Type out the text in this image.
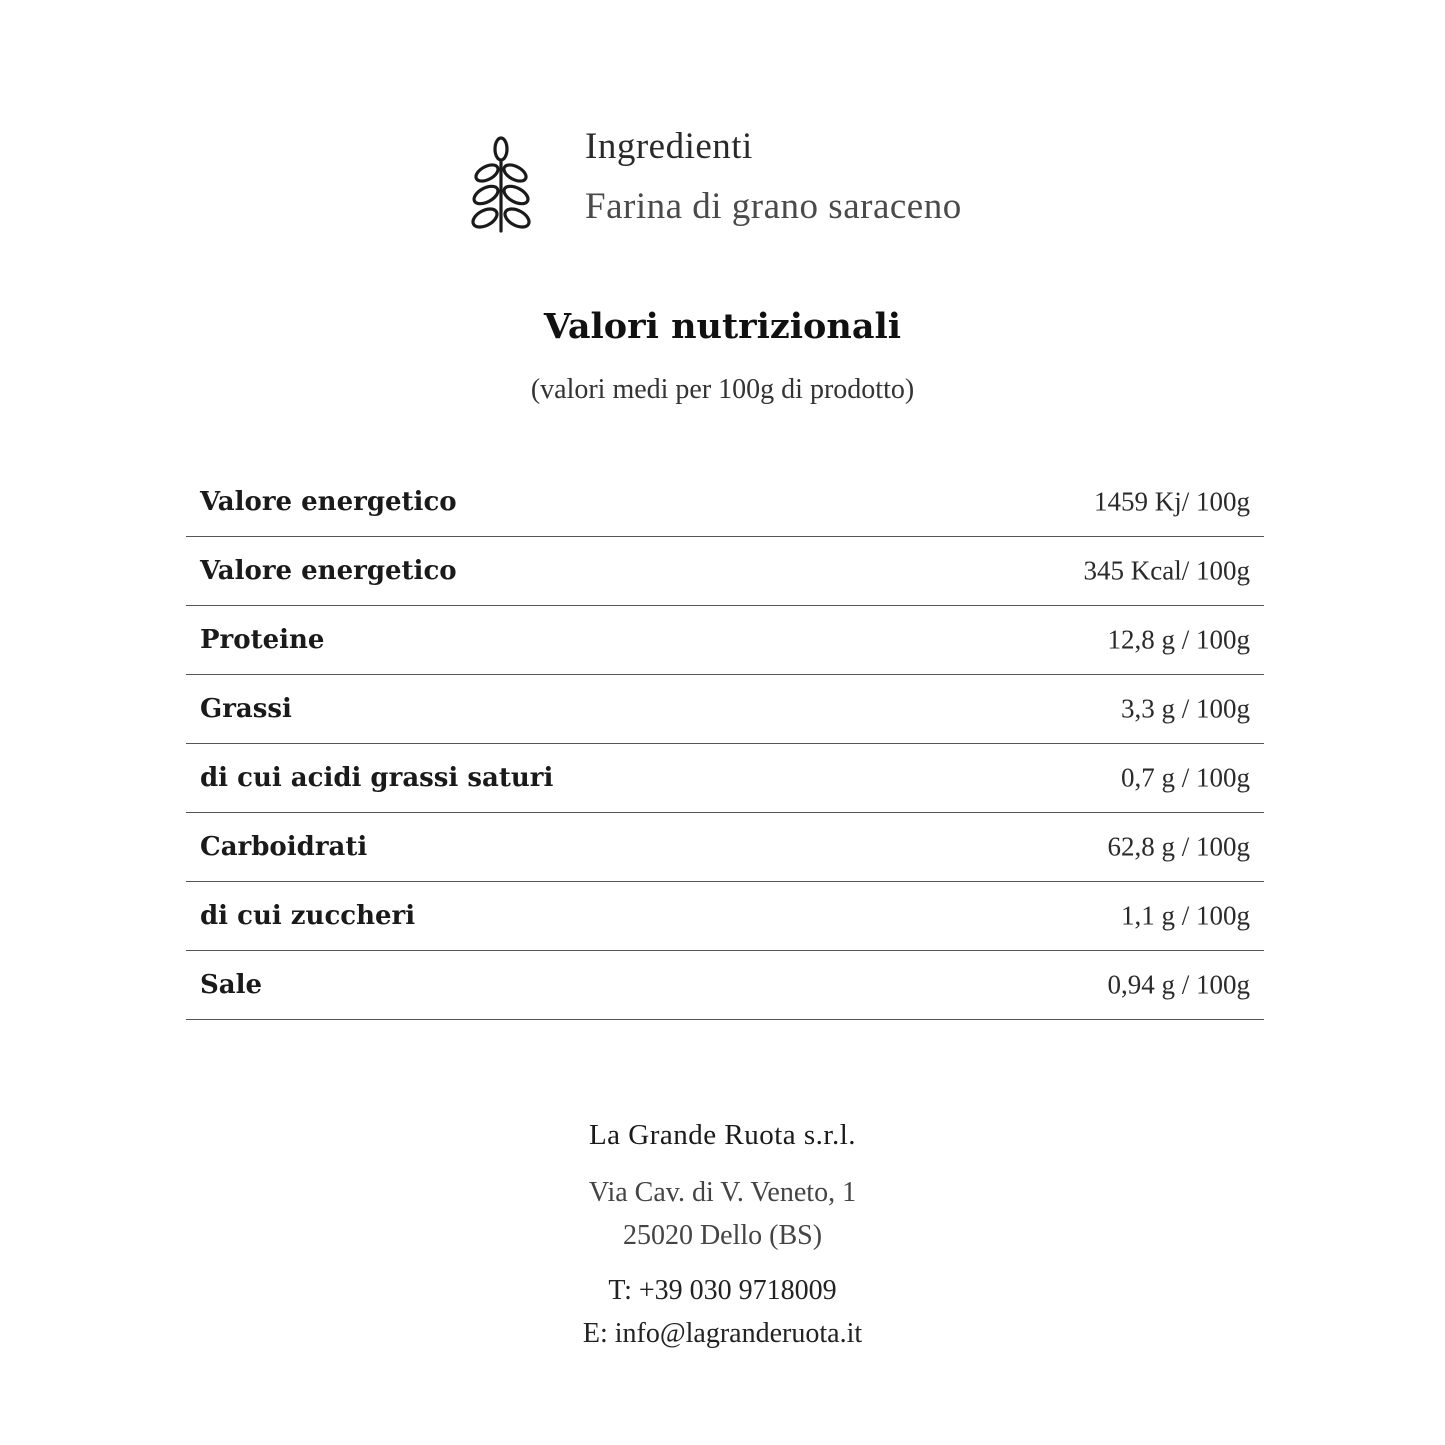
Ingredienti
Farina di grano saraceno
Valori nutrizionali
(valori medi per 100g di prodotto)
Valore energetico	1459 Kj/ 100g
Valore energetico	345 Kcal/ 100g
Proteine	12,8 g / 100g
Grassi	3,3 g / 100g
di cui acidi grassi saturi	0,7 g / 100g
Carboidrati	62,8 g / 100g
di cui zuccheri	1,1 g / 100g
Sale	0,94 g / 100g
La Grande Ruota s.r.l.
Via Cav. di V. Veneto, 1
25020 Dello (BS)
T: +39 030 9718009
E: info@lagranderuota.it
